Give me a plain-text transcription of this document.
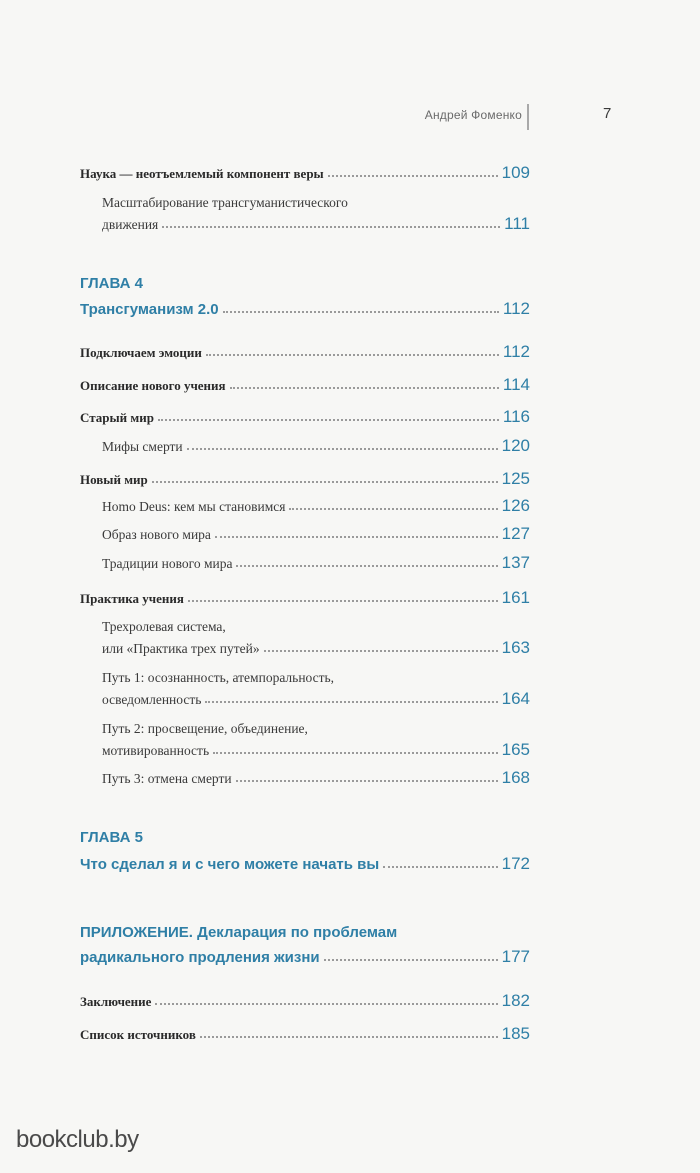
Андрей Фоменко	7
Наука — неотъемлемый компонент веры	109
Масштабирование трансгуманистического
движения	111
ГЛАВА 4
Трансгуманизм 2.0	112
Подключаем эмоции	112
Описание нового учения	114
Старый мир	116
Мифы смерти	120
Новый мир	125
Homo Deus: кем мы становимся	126
Образ нового мира	127
Традиции нового мира	137
Практика учения	161
Трехролевая система,
или «Практика трех путей»	163
Путь 1: осознанность, атемпоральность,
осведомленность	164
Путь 2: просвещение, объединение,
мотивированность	165
Путь 3: отмена смерти	168
ГЛАВА 5
Что сделал я и с чего можете начать вы	172
ПРИЛОЖЕНИЕ. Декларация по проблемам
радикального продления жизни	177
Заключение	182
Список источников	185
bookclub.by
